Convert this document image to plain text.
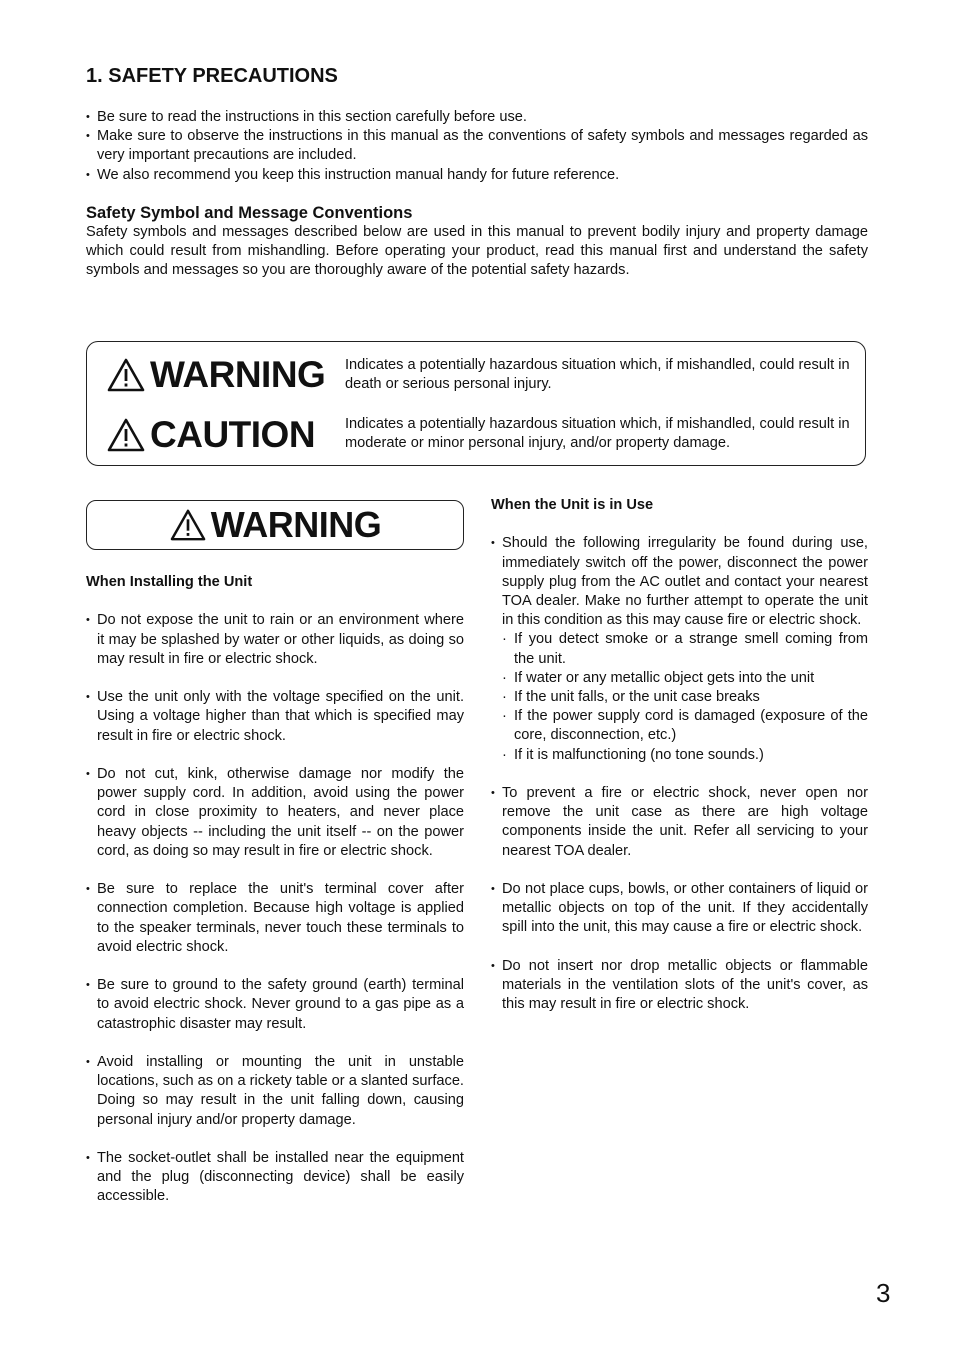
1. SAFETY PRECAUTIONS
• Be sure to read the instructions in this section carefully before use.
• Make sure to observe the instructions in this manual as the conventions of safety symbols and messages regarded as very important precautions are included.
• We also recommend you keep this instruction manual handy for future reference.
Safety Symbol and Message Conventions

Safety symbols and messages described below are used in this manual to prevent bodily injury and property damage which could result from mishandling. Before operating your product, read this manual first and understand the safety symbols and messages so you are thoroughly aware of the potential safety hazards.

WARNING Indicates a potentially hazardous situation which, if mishandled, could result in death or serious personal injury.

CAUTION Indicates a potentially hazardous situation which, if mishandled, could result in moderate or minor personal injury, and/or property damage.

WARNING

When Installing the Unit

• Do not expose the unit to rain or an environment where it may be splashed by water or other liquids, as doing so may result in fire or electric shock.
• Use the unit only with the voltage specified on the unit. Using a voltage higher than that which is specified may result in fire or electric shock.
• Do not cut, kink, otherwise damage nor modify the power supply cord. In addition, avoid using the power cord in close proximity to heaters, and never place heavy objects -- including the unit itself -- on the power cord, as doing so may result in fire or electric shock.
• Be sure to replace the unit's terminal cover after connection completion. Because high voltage is applied to the speaker terminals, never touch these terminals to avoid electric shock.
• Be sure to ground to the safety ground (earth) terminal to avoid electric shock. Never ground to a gas pipe as a catastrophic disaster may result.
• Avoid installing or mounting the unit in unstable locations, such as on a rickety table or a slanted surface. Doing so may result in the unit falling down, causing personal injury and/or property damage.
• The socket-outlet shall be installed near the equipment and the plug (disconnecting device) shall be easily accessible.

When the Unit is in Use

• Should the following irregularity be found during use, immediately switch off the power, disconnect the power supply plug from the AC outlet and contact your nearest TOA dealer. Make no further attempt to operate the unit in this condition as this may cause fire or electric shock.
· If you detect smoke or a strange smell coming from the unit.
· If water or any metallic object gets into the unit
· If the unit falls, or the unit case breaks
· If the power supply cord is damaged (exposure of the core, disconnection, etc.)
· If it is malfunctioning (no tone sounds.)
• To prevent a fire or electric shock, never open nor remove the unit case as there are high voltage components inside the unit. Refer all servicing to your nearest TOA dealer.
• Do not place cups, bowls, or other containers of liquid or metallic objects on top of the unit. If they accidentally spill into the unit, this may cause a fire or electric shock.
• Do not insert nor drop metallic objects or flammable materials in the ventilation slots of the unit's cover, as this may result in fire or electric shock.
3
